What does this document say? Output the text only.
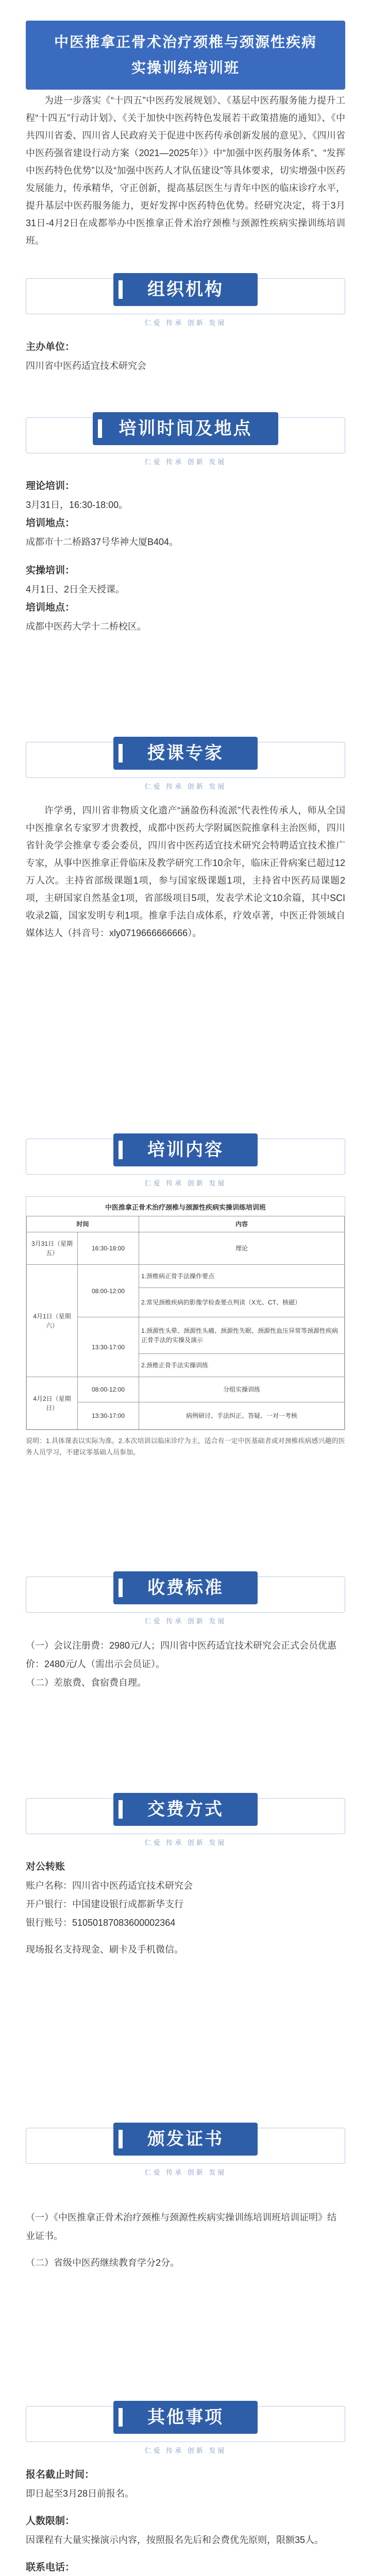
中医推拿正骨术治疗颈椎与颈源性疾病
实操训练培训班

为进一步落实《“十四五”中医药发展规划》、《基层中医药服务能力提升工程“十四五”行动计划》、《关于加快中医药特色发展若干政策措施的通知》、《中共四川省委、四川省人民政府关于促进中医药传承创新发展的意见》、《四川省中医药强省建设行动方案（2021—2025年）》中“加强中医药服务体系”、“发挥中医药特色优势”以及“加强中医药人才队伍建设”等具体要求，切实增强中医药发展能力，传承精华，守正创新，提高基层医生与青年中医的临床诊疗水平，提升基层中医药服务能力，更好发挥中医药特色优势。经研究决定，将于3月31日-4月2日在成都举办中医推拿正骨术治疗颈椎与颈源性疾病实操训练培训班。

组织机构
仁爱 传承 创新 发展
主办单位：
四川省中医药适宜技术研究会
培训时间及地点
仁爱 传承 创新 发展
理论培训：
3月31日，16:30-18:00。
培训地点：
成都市十二桥路37号华神大厦B404。
实操培训：
4月1日、2日全天授课。
培训地点：
成都中医药大学十二桥校区。
授课专家
仁爱 传承 创新 发展

许学勇，四川省非物质文化遗产“涵盈伤科流派”代表性传承人，师从全国中医推拿名专家罗才贵教授，成都中医药大学附属医院推拿科主治医师，四川省针灸学会推拿专委会委员，四川省中医药适宜技术研究会特聘适宜技术推广专家，从事中医推拿正骨临床及教学研究工作10余年，临床正骨病案已超过12万人次。主持省部级课题1项，参与国家级课题1项，主持省中医药局课题2项，主研国家自然基金1项，省部级项目5项，发表学术论文10余篇，其中SCI收录2篇，国家发明专利1项。推拿手法自成体系，疗效卓著，中医正骨领域自媒体达人（抖音号：xly0719666666666）。

培训内容
仁爱 传承 创新 发展
中医推拿正骨术治疗颈椎与颈源性疾病实操训练培训班
时间		内容
3月31日（星期五）	16:30-18:00	理论
4月1日（星期六）	08:00-12:00	1.颈椎病正骨手法操作要点
		2.常见颈椎疾病的影像学检查要点判读（X光、CT、核磁）
	13:30-17:00	1.颈源性头晕、颈源性头痛、颈源性失眠、颈源性血压异常等颈源性疾病正骨手法的实操及演示
		2.颈椎正骨手法实操训练
4月2日（星期日）	08:00-12:00	分组实操训练
	13:30-17:00	病例研讨、手法纠正、答疑、一对一考核
说明：1.具体课表以实际为准。2.本次培训以临床诊疗为主，适合有一定中医基础者或对颈椎疾病感兴趣的医务人员学习，不建议零基础人员参加。
收费标准
仁爱 传承 创新 发展
（一）会议注册费：2980元/人；四川省中医药适宜技术研究会正式会员优惠价：2480元/人（需出示会员证）。
（二）差旅费、食宿费自理。
交费方式
仁爱 传承 创新 发展
对公转账
账户名称：四川省中医药适宜技术研究会
开户银行：中国建设银行成都新华支行
银行账号：51050187083600002364
现场报名支持现金、刷卡及手机微信。
颁发证书
仁爱 传承 创新 发展
（一）《中医推拿正骨术治疗颈椎与颈源性疾病实操训练培训班培训证明》结业证书。
（二）省级中医药继续教育学分2分。
其他事项
仁爱 传承 创新 发展
报名截止时间：
即日起至3月28日前报名。
人数限制：
因课程有大量实操演示内容，按照报名先后和会费优先原则，限额35人。
联系电话：
